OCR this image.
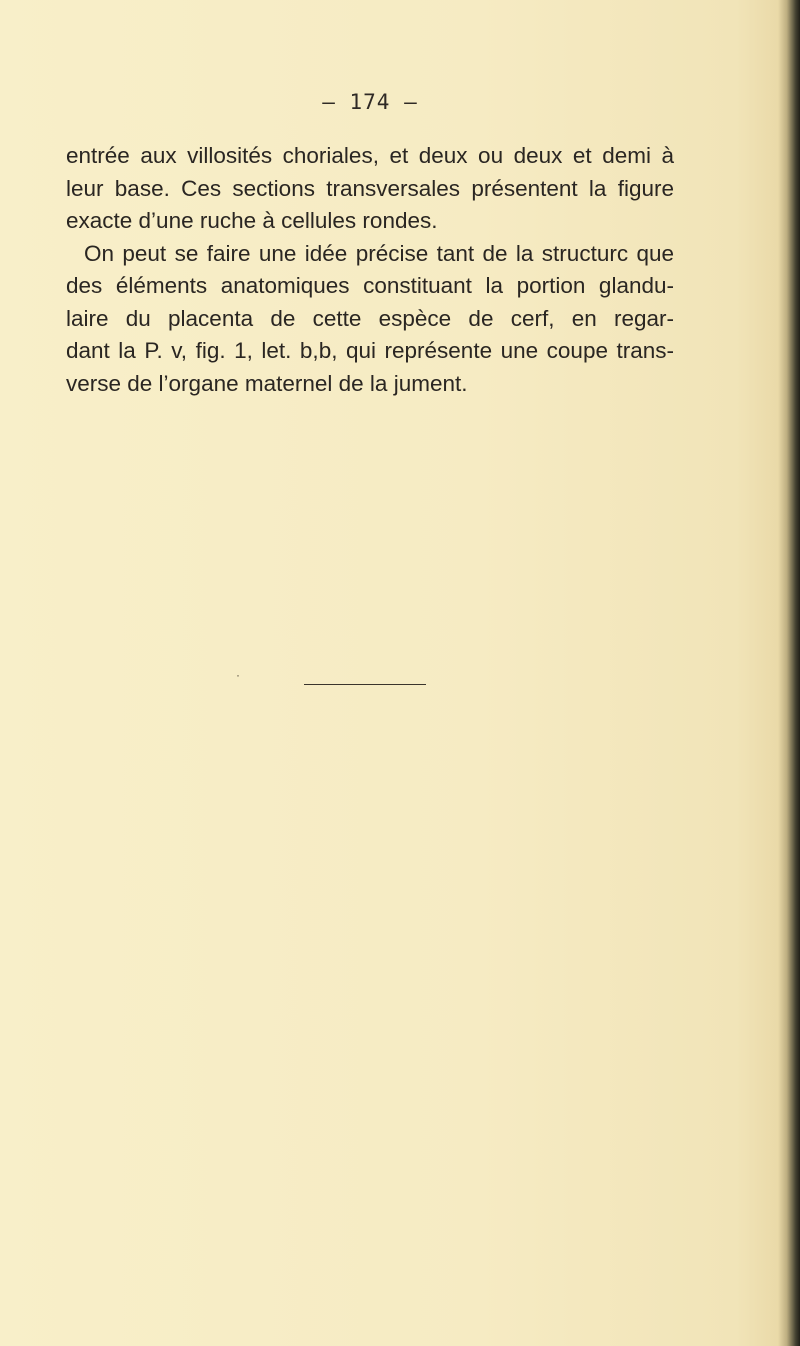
— 174 —
entrée aux villosités choriales, et deux ou deux et demi à
leur base. Ces sections transversales présentent la figure
exacte d’une ruche à cellules rondes.
On peut se faire une idée précise tant de la structurc que
des éléments anatomiques constituant la portion glandu-
laire du placenta de cette espèce de cerf, en regar-
dant la P. v, fig. 1, let. b,b, qui représente une coupe trans-
verse de l’organe maternel de la jument.
·
